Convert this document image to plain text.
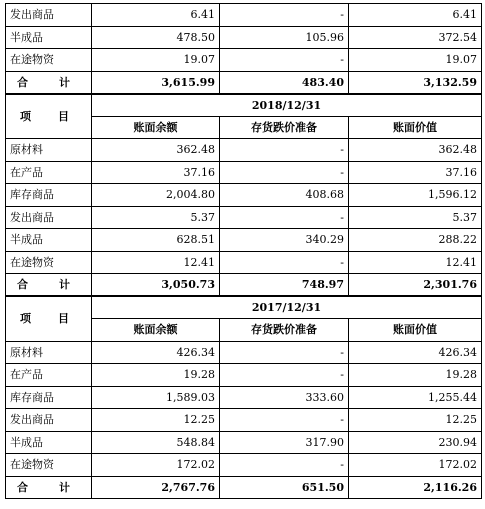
发出商品	6.41	-	6.41
半成品	478.50	105.96	372.54
在途物资	19.07	-	19.07
合　计	3,615.99	483.40	3,132.59
项　目	2018/12/31		
	账面余额	存货跌价准备	账面价值
原材料	362.48	-	362.48
在产品	37.16	-	37.16
库存商品	2,004.80	408.68	1,596.12
发出商品	5.37	-	5.37
半成品	628.51	340.29	288.22
在途物资	12.41	-	12.41
合　计	3,050.73	748.97	2,301.76
项　目	2017/12/31		
	账面余额	存货跌价准备	账面价值
原材料	426.34	-	426.34
在产品	19.28	-	19.28
库存商品	1,589.03	333.60	1,255.44
发出商品	12.25	-	12.25
半成品	548.84	317.90	230.94
在途物资	172.02	-	172.02
合　计	2,767.76	651.50	2,116.26
